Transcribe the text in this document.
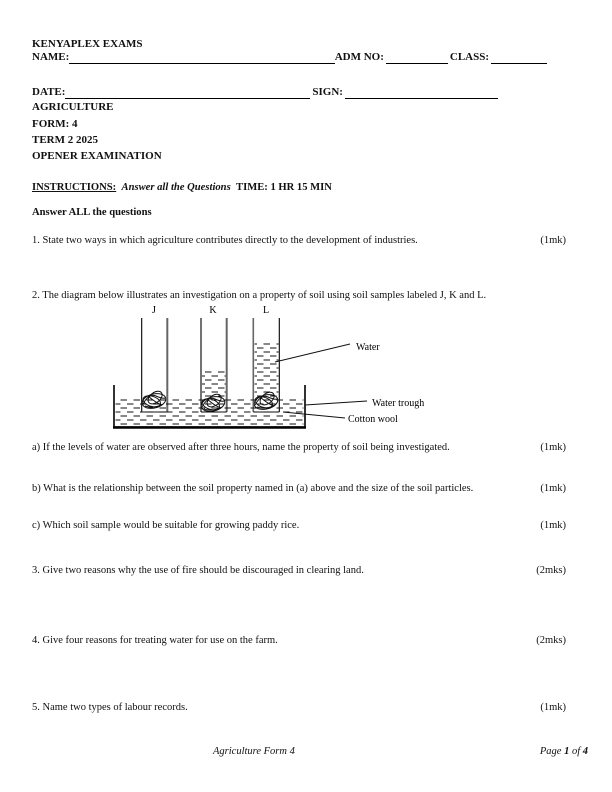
KENYAPLEX EXAMS
NAME:	ADM NO:	CLASS:
DATE:	SIGN:
AGRICULTURE
FORM: 4
TERM 2 2025
OPENER EXAMINATION
INSTRUCTIONS: Answer all the Questions TIME: 1 HR 15 MIN
Answer ALL the questions
1. State two ways in which agriculture contributes directly to the development of industries.	(1mk)
2. The diagram below illustrates an investigation on a property of soil using soil samples labeled J, K and L.
J	K	L
Water
Water trough
Cotton wool
a) If the levels of water are observed after three hours, name the property of soil being investigated.	(1mk)
b) What is the relationship between the soil property named in (a) above and the size of the soil particles.	(1mk)
c) Which soil sample would be suitable for growing paddy rice.	(1mk)
3. Give two reasons why the use of fire should be discouraged in clearing land.	(2mks)
4. Give four reasons for treating water for use on the farm.	(2mks)
5. Name two types of labour records.	(1mk)
Agriculture Form 4	Page 1 of 4
